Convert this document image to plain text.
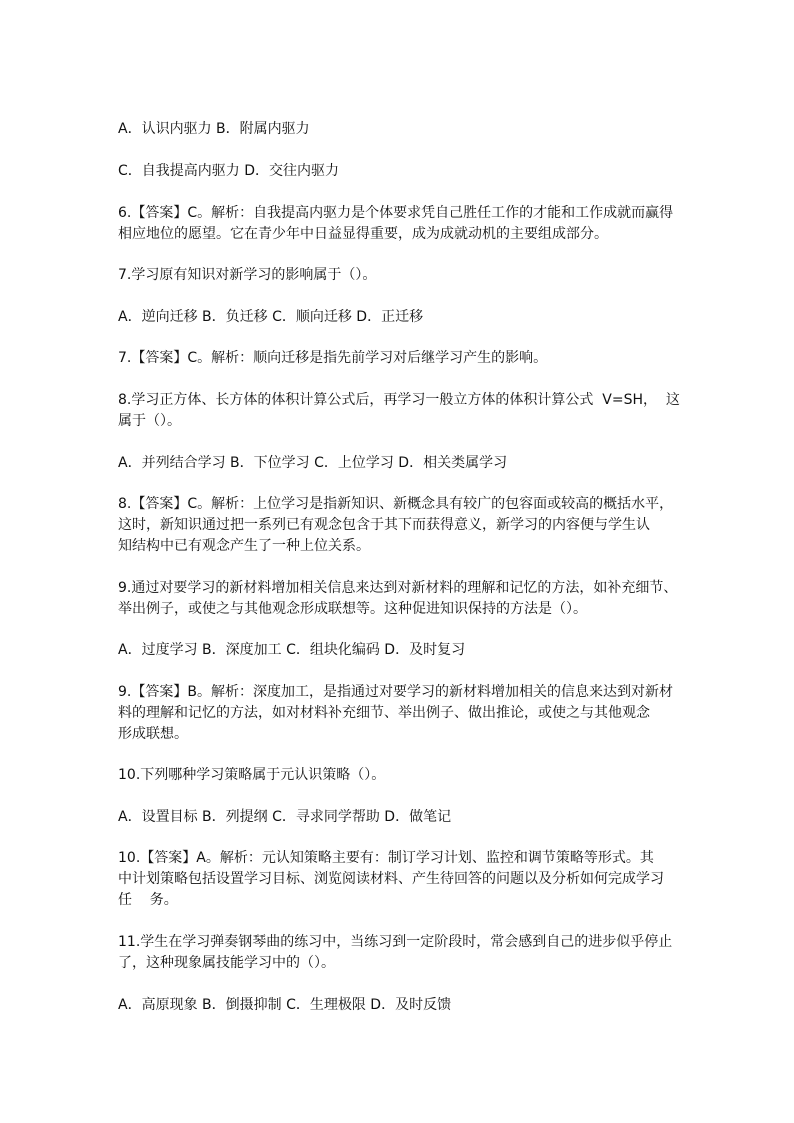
A．认识内驱力 B．附属内驱力
C．自我提高内驱力 D．交往内驱力
6.【答案】C。解析：自我提高内驱力是个体要求凭自己胜任工作的才能和工作成就而赢得
相应地位的愿望。它在青少年中日益显得重要，成为成就动机的主要组成部分。
7.学习原有知识对新学习的影响属于（）。
A．逆向迁移 B．负迁移 C．顺向迁移 D．正迁移
7.【答案】C。解析：顺向迁移是指先前学习对后继学习产生的影响。
8.学习正方体、长方体的体积计算公式后，再学习一般立方体的体积计算公式  V=SH，  这
属于（）。
A．并列结合学习 B．下位学习 C．上位学习 D．相关类属学习
8.【答案】C。解析：上位学习是指新知识、新概念具有较广的包容面或较高的概括水平，
这时，新知识通过把一系列已有观念包含于其下而获得意义，新学习的内容便与学生认
知结构中已有观念产生了一种上位关系。
9.通过对要学习的新材料增加相关信息来达到对新材料的理解和记忆的方法，如补充细节、
举出例子，或使之与其他观念形成联想等。这种促进知识保持的方法是（）。
A．过度学习 B．深度加工 C．组块化编码 D．及时复习
9.【答案】B。解析：深度加工，是指通过对要学习的新材料增加相关的信息来达到对新材
料的理解和记忆的方法，如对材料补充细节、举出例子、做出推论，或使之与其他观念
形成联想。
10.下列哪种学习策略属于元认识策略（）。
A．设置目标 B．列提纲 C．寻求同学帮助 D．做笔记
10.【答案】A。解析：元认知策略主要有：制订学习计划、监控和调节策略等形式。其
中计划策略包括设置学习目标、浏览阅读材料、产生待回答的问题以及分析如何完成学习
任    务。
11.学生在学习弹奏钢琴曲的练习中，当练习到一定阶段时，常会感到自己的进步似乎停止
了，这种现象属技能学习中的（）。
A．高原现象 B．倒摄抑制 C．生理极限 D．及时反馈
